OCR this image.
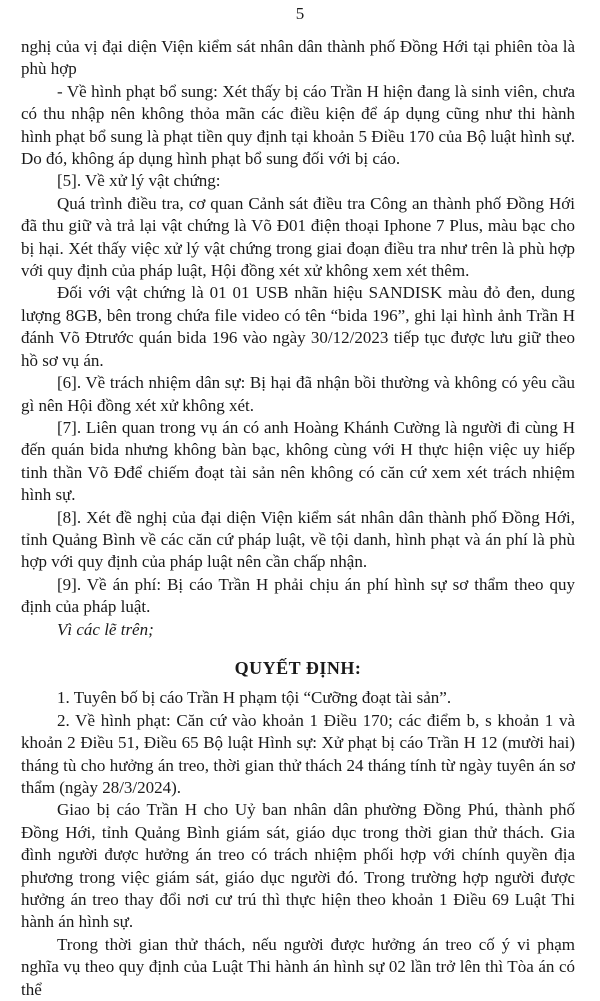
5

nghị của vị đại diện Viện kiểm sát nhân dân thành phố Đồng Hới tại phiên tòa là phù hợp

- Về hình phạt bổ sung: Xét thấy bị cáo Trần H hiện đang là sinh viên, chưa có thu nhập nên không thỏa mãn các điều kiện để áp dụng cũng như thi hành hình phạt bổ sung là phạt tiền quy định tại khoản 5 Điều 170 của Bộ luật hình sự. Do đó, không áp dụng hình phạt bổ sung đối với bị cáo.

[5]. Về xử lý vật chứng:

Quá trình điều tra, cơ quan Cảnh sát điều tra Công an thành phố Đồng Hới đã thu giữ và trả lại vật chứng là Võ Đ01 điện thoại Iphone 7 Plus, màu bạc cho bị hại. Xét thấy việc xử lý vật chứng trong giai đoạn điều tra như trên là phù hợp với quy định của pháp luật, Hội đồng xét xử không xem xét thêm.

Đối với vật chứng là 01 01 USB nhãn hiệu SANDISK màu đỏ đen, dung lượng 8GB, bên trong chứa file video có tên “bida 196”, ghi lại hình ảnh Trần H đánh Võ Đtrước quán bida 196 vào ngày 30/12/2023 tiếp tục được lưu giữ theo hồ sơ vụ án.

[6]. Về trách nhiệm dân sự: Bị hại đã nhận bồi thường và không có yêu cầu gì nên Hội đồng xét xử không xét.

[7]. Liên quan trong vụ án có anh Hoàng Khánh Cường là người đi cùng H đến quán bida nhưng không bàn bạc, không cùng với H thực hiện việc uy hiếp tinh thần Võ Đđể chiếm đoạt tài sản nên không có căn cứ xem xét trách nhiệm hình sự.

[8]. Xét đề nghị của đại diện Viện kiểm sát nhân dân thành phố Đồng Hới, tỉnh Quảng Bình về các căn cứ pháp luật, về tội danh, hình phạt và án phí là phù hợp với quy định của pháp luật nên cần chấp nhận.

[9]. Về án phí: Bị cáo Trần H phải chịu án phí hình sự sơ thẩm theo quy định của pháp luật.

Vì các lẽ trên;

QUYẾT ĐỊNH:

1. Tuyên bố bị cáo Trần H phạm tội “Cưỡng đoạt tài sản”.

2. Về hình phạt: Căn cứ vào khoản 1 Điều 170; các điểm b, s khoản 1 và khoản 2 Điều 51, Điều 65 Bộ luật Hình sự: Xử phạt bị cáo Trần H 12 (mười hai) tháng tù cho hưởng án treo, thời gian thử thách 24 tháng tính từ ngày tuyên án sơ thẩm (ngày 28/3/2024).

Giao bị cáo Trần H cho Uỷ ban nhân dân phường Đồng Phú, thành phố Đồng Hới, tỉnh Quảng Bình giám sát, giáo dục trong thời gian thử thách. Gia đình người được hưởng án treo có trách nhiệm phối hợp với chính quyền địa phương trong việc giám sát, giáo dục người đó. Trong trường hợp người được hưởng án treo thay đổi nơi cư trú thì thực hiện theo khoản 1 Điều 69 Luật Thi hành án hình sự.

Trong thời gian thử thách, nếu người được hưởng án treo cố ý vi phạm nghĩa vụ theo quy định của Luật Thi hành án hình sự 02 lần trở lên thì Tòa án có thể
